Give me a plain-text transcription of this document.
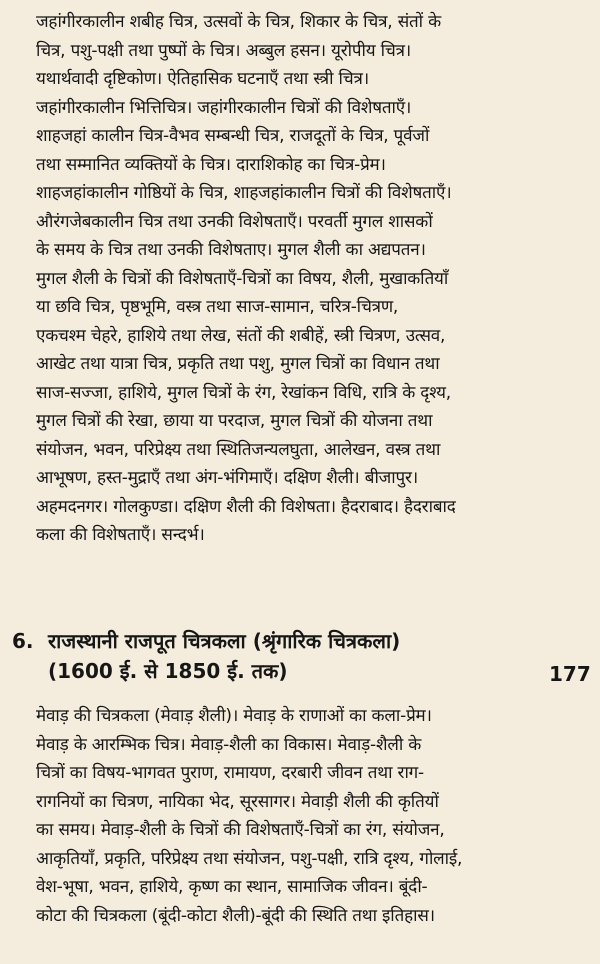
जहांगीरकालीन शबीह चित्र, उत्सवों के चित्र, शिकार के चित्र, संतों के
चित्र, पशु-पक्षी तथा पुष्पों के चित्र। अब्बुल हसन। यूरोपीय चित्र।
यथार्थवादी दृष्टिकोण। ऐतिहासिक घटनाएँ तथा स्त्री चित्र।
जहांगीरकालीन भित्तिचित्र। जहांगीरकालीन चित्रों की विशेषताएँ।
शाहजहां कालीन चित्र-वैभव सम्बन्धी चित्र, राजदूतों के चित्र, पूर्वजों
तथा सम्मानित व्यक्तियों के चित्र। दाराशिकोह का चित्र-प्रेम।
शाहजहांकालीन गोष्ठियों के चित्र, शाहजहांकालीन चित्रों की विशेषताएँ।
औरंगजेबकालीन चित्र तथा उनकी विशेषताएँ। परवर्ती मुगल शासकों
के समय के चित्र तथा उनकी विशेषताए। मुगल शैली का अद्यपतन।
मुगल शैली के चित्रों की विशेषताएँ-चित्रों का विषय, शैली, मुखाकतियाँ
या छवि चित्र, पृष्ठभूमि, वस्त्र तथा साज-सामान, चरित्र-चित्रण,
एकचश्म चेहरे, हाशिये तथा लेख, संतों की शबीहें, स्त्री चित्रण, उत्सव,
आखेट तथा यात्रा चित्र, प्रकृति तथा पशु, मुगल चित्रों का विधान तथा
साज-सज्जा, हाशिये, मुगल चित्रों के रंग, रेखांकन विधि, रात्रि के दृश्य,
मुगल चित्रों की रेखा, छाया या परदाज, मुगल चित्रों की योजना तथा
संयोजन, भवन, परिप्रेक्ष्य तथा स्थितिजन्यलघुता, आलेखन, वस्त्र तथा
आभूषण, हस्त-मुद्राएँ तथा अंग-भंगिमाएँ। दक्षिण शैली। बीजापुर।
अहमदनगर। गोलकुण्डा। दक्षिण शैली की विशेषता। हैदराबाद। हैदराबाद
कला की विशेषताएँ। सन्दर्भ।
6. राजस्थानी राजपूत चित्रकला (श्रृंगारिक चित्रकला)
(1600 ई. से 1850 ई. तक)	177
मेवाड़ की चित्रकला (मेवाड़ शैली)। मेवाड़ के राणाओं का कला-प्रेम।
मेवाड़ के आरम्भिक चित्र। मेवाड़-शैली का विकास। मेवाड़-शैली के
चित्रों का विषय-भागवत पुराण, रामायण, दरबारी जीवन तथा राग-
रागनियों का चित्रण, नायिका भेद, सूरसागर। मेवाड़ी शैली की कृतियों
का समय। मेवाड़-शैली के चित्रों की विशेषताएँ-चित्रों का रंग, संयोजन,
आकृतियाँ, प्रकृति, परिप्रेक्ष्य तथा संयोजन, पशु-पक्षी, रात्रि दृश्य, गोलाई,
वेश-भूषा, भवन, हाशिये, कृष्ण का स्थान, सामाजिक जीवन। बूंदी-
कोटा की चित्रकला (बूंदी-कोटा शैली)-बूंदी की स्थिति तथा इतिहास।
